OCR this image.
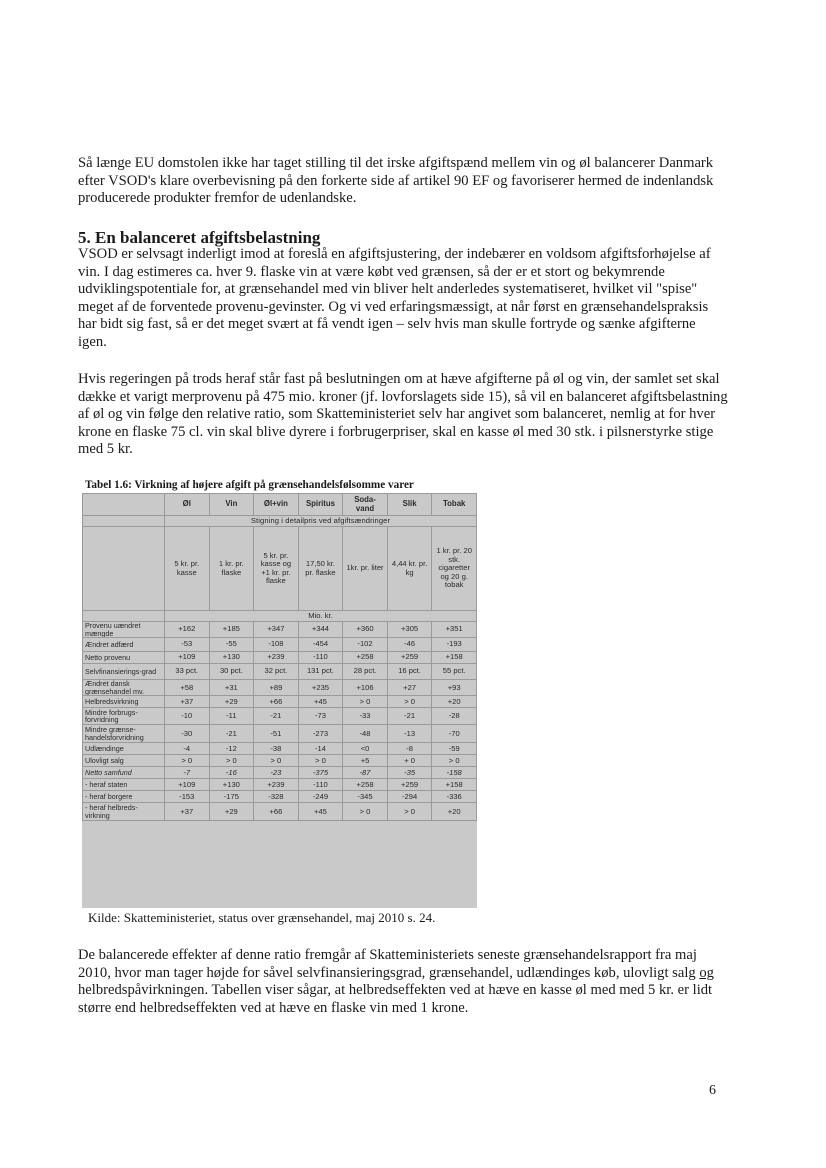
Så længe EU domstolen ikke har taget stilling til det irske afgiftspænd mellem vin og øl balancerer Danmark efter VSOD's klare overbevisning på den forkerte side af artikel 90 EF og favoriserer hermed de indenlandsk producerede produkter fremfor de udenlandske.

5. En balanceret afgiftsbelastning

VSOD er selvsagt inderligt imod at foreslå en afgiftsjustering, der indebærer en voldsom afgiftsforhøjelse af vin. I dag estimeres ca. hver 9. flaske vin at være købt ved grænsen, så der er et stort og bekymrende udviklingspotentiale for, at grænsehandel med vin bliver helt anderledes systematiseret, hvilket vil "spise" meget af de forventede provenu-gevinster. Og vi ved erfaringsmæssigt, at når først en grænsehandelspraksis har bidt sig fast, så er det meget svært at få vendt igen – selv hvis man skulle fortryde og sænke afgifterne igen.

Hvis regeringen på trods heraf står fast på beslutningen om at hæve afgifterne på øl og vin, der samlet set skal dække et varigt merprovenu på 475 mio. kroner (jf. lovforslagets side 15), så vil en balanceret afgiftsbelastning af øl og vin følge den relative ratio, som Skatteministeriet selv har angivet som balanceret, nemlig at for hver krone en flaske 75 cl. vin skal blive dyrere i forbrugerpriser, skal en kasse øl med 30 stk. i pilsnerstyrke stige med 5 kr.

Tabel 1.6: Virkning af højere afgift på grænsehandelsfølsomme varer

	Øl	Vin	Øl+vin	Spiritus	Soda-vand	Slik	Tobak
	Stigning i detailpris ved afgiftsændringer						
	5 kr. pr. kasse	1 kr. pr. flaske	5 kr. pr. kasse og +1 kr. pr. flaske	17,50 kr. pr. flaske	1kr. pr. liter	4,44 kr. pr. kg	1 kr. pr. 20 stk. cigaretter og 20 g. tobak
	Mio. kr.						
Provenu uændret mængde	+162	+185	+347	+344	+360	+305	+351
Ændret adfærd	-53	-55	-108	-454	-102	-46	-193
Netto provenu	+109	+130	+239	-110	+258	+259	+158
Selvfinansierings-grad	33 pct.	30 pct.	32 pct.	131 pct.	28 pct.	16 pct.	55 pct.
Ændret dansk grænsehandel mv.	+58	+31	+89	+235	+106	+27	+93
Helbredsvirkning	+37	+29	+66	+45	> 0	> 0	+20
Mindre forbrugs-forvridning	-10	-11	-21	-73	-33	-21	-28
Mindre grænse-handelsforvridning	-30	-21	-51	-273	-48	-13	-70
Udlændinge	-4	-12	-38	-14	<0	-8	-59
Ulovligt salg	> 0	> 0	> 0	> 0	+5	+ 0	> 0
Netto samfund	-7	-16	-23	-375	-87	-35	-158
- heraf staten	+109	+130	+239	-110	+258	+259	+158
- heraf borgere	-153	-175	-328	-249	-345	-294	-336
- heraf helbreds-virkning	+37	+29	+66	+45	> 0	> 0	+20

Kilde: Skatteministeriet, status over grænsehandel, maj 2010 s. 24.

De balancerede effekter af denne ratio fremgår af Skatteministeriets seneste grænsehandelsrapport fra maj 2010, hvor man tager højde for såvel selvfinansieringsgrad, grænsehandel, udlændinges køb, ulovligt salg og helbredspåvirkningen. Tabellen viser sågar, at helbredseffekten ved at hæve en kasse øl med med 5 kr. er lidt større end helbredseffekten ved at hæve en flaske vin med 1 krone.

6
